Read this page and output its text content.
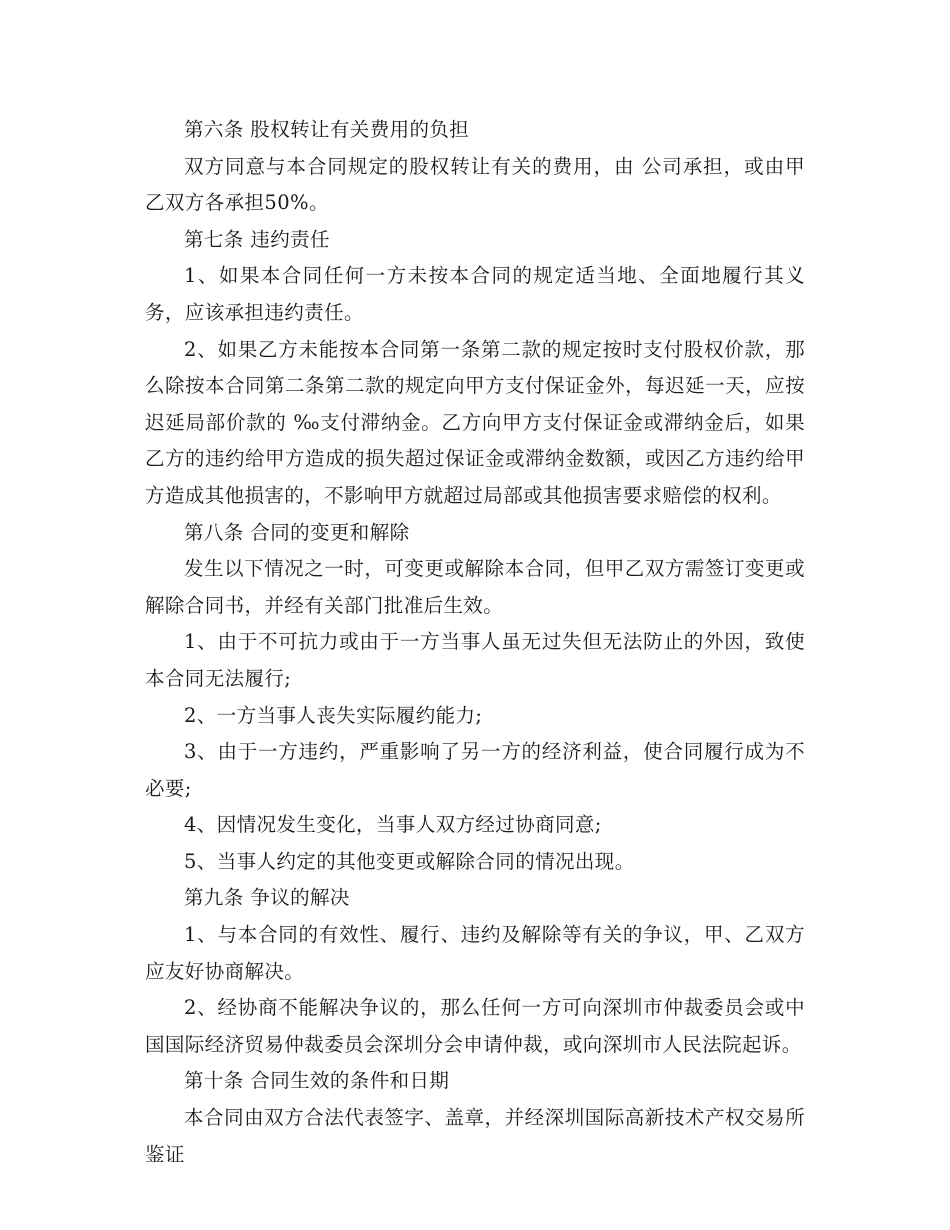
第六条 股权转让有关费用的负担

双方同意与本合同规定的股权转让有关的费用，由 公司承担，或由甲乙双方各承担50%。

第七条 违约责任

1、如果本合同任何一方未按本合同的规定适当地、全面地履行其义务，应该承担违约责任。

2、如果乙方未能按本合同第一条第二款的规定按时支付股权价款，那么除按本合同第二条第二款的规定向甲方支付保证金外，每迟延一天，应按迟延局部价款的 ‰支付滞纳金。乙方向甲方支付保证金或滞纳金后，如果乙方的违约给甲方造成的损失超过保证金或滞纳金数额，或因乙方违约给甲方造成其他损害的，不影响甲方就超过局部或其他损害要求赔偿的权利。

第八条 合同的变更和解除

发生以下情况之一时，可变更或解除本合同，但甲乙双方需签订变更或解除合同书，并经有关部门批准后生效。

1、由于不可抗力或由于一方当事人虽无过失但无法防止的外因，致使本合同无法履行;

2、一方当事人丧失实际履约能力;

3、由于一方违约，严重影响了另一方的经济利益，使合同履行成为不必要;

4、因情况发生变化，当事人双方经过协商同意;

5、当事人约定的其他变更或解除合同的情况出现。

第九条 争议的解决

1、与本合同的有效性、履行、违约及解除等有关的争议，甲、乙双方应友好协商解决。

2、经协商不能解决争议的，那么任何一方可向深圳市仲裁委员会或中国国际经济贸易仲裁委员会深圳分会申请仲裁，或向深圳市人民法院起诉。

第十条 合同生效的条件和日期

本合同由双方合法代表签字、盖章，并经深圳国际高新技术产权交易所鉴证
